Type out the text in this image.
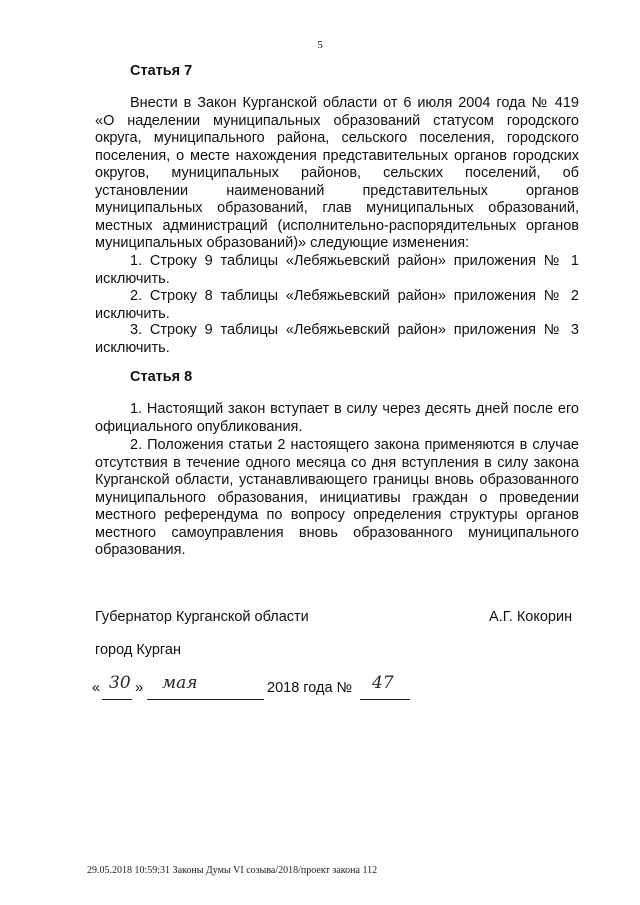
5
Статья 7

Внести в Закон Курганской области от 6 июля 2004 года № 419 «О наделении муниципальных образований статусом городского округа, муниципального района, сельского поселения, городского поселения, о месте нахождения представительных органов городских округов, муниципальных районов, сельских поселений, об установлении наименований представительных органов муниципальных образований, глав муниципальных образований, местных администраций (исполнительно-распорядительных органов муниципальных образований)» следующие изменения:

1. Строку 9 таблицы «Лебяжьевский район» приложения № 1 исключить.

2. Строку 8 таблицы «Лебяжьевский район» приложения № 2 исключить.

3. Строку 9 таблицы «Лебяжьевский район» приложения № 3 исключить.

Статья 8

1. Настоящий закон вступает в силу через десять дней после его официального опубликования.

2. Положения статьи 2 настоящего закона применяются в случае отсутствия в течение одного месяца со дня вступления в силу закона Курганской области, устанавливающего границы вновь образованного муниципального образования, инициативы граждан о проведении местного референдума по вопросу определения структуры органов местного самоуправления вновь образованного муниципального образования.

Губернатор Курганской области	А.Г. Кокорин
город Курган
« 30 » мая	2018 года № 47
29.05.2018 10:59:31 Законы Думы VI созыва/2018/проект закона 112
